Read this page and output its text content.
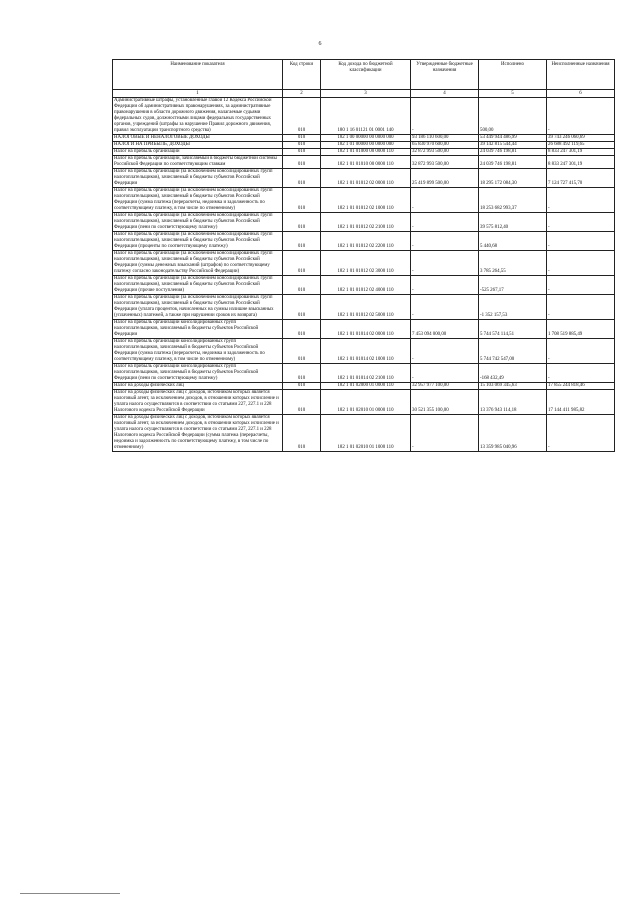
6
Наименование показателя	Код строки	Код дохода по бюджетной классификации	Утвержденные бюджетные назначения	Исполнено	Неисполненные назначения
1	2	3	4	5	6
Административные штрафы, установленные главой 12 Кодекса Российской Федерации об административных правонарушениях, за административные правонарушения в области дорожного движения, налагаемые судьями федеральных судов, должностными лицами федеральных государственных органов, учреждений (штрафы за нарушение Правил дорожного движения, правил эксплуатации транспортного средства)	010	180 1 16 01121 01 0001 140	-	500,00	-
НАЛОГОВЫЕ И НЕНАЛОГОВЫЕ ДОХОДЫ	010	182 1 00 00000 00 0000 000	93 186 110 600,00	53 449 944 486,99	39 743 246 060,69
НАЛОГИ НА ПРИБЫЛЬ, ДОХОДЫ	010	182 1 01 00000 00 0000 000	65 830 970 600,00	39 142 815 544,44	26 688 492 119,65
Налог на прибыль организаций	010	182 1 01 01000 00 0000 110	32 872 993 500,00	24 039 746 198,81	8 833 247 301,19
Налог на прибыль организаций, зачисляемый в бюджеты бюджетной системы Российской Федерации по соответствующим ставкам	010	182 1 01 01010 00 0000 110	32 872 993 500,00	24 039 746 198,81	8 833 247 301,19
Налог на прибыль организаций (за исключением консолидированных групп налогоплательщиков), зачисляемый в бюджеты субъектов Российской Федерации	010	182 1 01 01012 02 0000 110	25 419 899 500,00	18 295 172 084,30	7 124 727 415,70
Налог на прибыль организаций (за исключением консолидированных групп налогоплательщиков), зачисляемый в бюджеты субъектов Российской Федерации (сумма платежа (перерасчеты, недоимка и задолженность по соответствующему платежу, в том числе по отмененному)	010	182 1 01 01012 02 1000 110	-	18 253 682 993,37	-
Налог на прибыль организаций (за исключением консолидированных групп налогоплательщиков), зачисляемый в бюджеты субъектов Российской Федерации (пени по соответствующему платежу)	010	182 1 01 01012 02 2100 110	-	39 575 812,40	-
Налог на прибыль организаций (за исключением консолидированных групп налогоплательщиков), зачисляемый в бюджеты субъектов Российской Федерации (проценты по соответствующему платежу)	010	182 1 01 01012 02 2200 110	-	5 440,68	-
Налог на прибыль организаций (за исключением консолидированных групп налогоплательщиков), зачисляемый в бюджеты субъектов Российской Федерации (суммы денежных взысканий (штрафов) по соответствующему платежу согласно законодательству Российской Федерации)	010	182 1 01 01012 02 3000 110	-	3 785 264,55	-
Налог на прибыль организаций (за исключением консолидированных групп налогоплательщиков), зачисляемый в бюджеты субъектов Российской Федерации (прочие поступления)	010	182 1 01 01012 02 4000 110	-	-525 267,17	-
Налог на прибыль организаций (за исключением консолидированных групп налогоплательщиков), зачисляемый в бюджеты субъектов Российской Федерации (уплата процентов, начисленных на суммы излишне взысканных (уплаченных) платежей, а также при нарушении сроков их возврата)	010	182 1 01 01012 02 5000 110	-	-1 352 157,53	-
Налог на прибыль организаций консолидированных групп налогоплательщиков, зачисляемый в бюджеты субъектов Российской Федерации	010	182 1 01 01014 02 0000 110	7 453 094 000,00	5 744 574 114,51	1 708 519 885,49
Налог на прибыль организаций консолидированных групп налогоплательщиков, зачисляемый в бюджеты субъектов Российской Федерации (сумма платежа (перерасчеты, недоимка и задолженность по соответствующему платежу, в том числе по отмененному)	010	182 1 01 01014 02 1000 110	-	5 744 742 547,00	-
Налог на прибыль организаций консолидированных групп налогоплательщиков, зачисляемый в бюджеты субъектов Российской Федерации (пени по соответствующему платежу)	010	182 1 01 01014 02 2100 110	-	-168 432,49	-
Налог на доходы физических лиц	010	182 1 01 02000 01 0000 110	32 957 977 100,00	15 103 069 345,63	17 855 244 818,46
Налог на доходы физических лиц с доходов, источником которых является налоговый агент, за исключением доходов, в отношении которых исчисление и уплата налога осуществляются в соответствии со статьями 227, 227.1 и 228 Налогового кодекса Российской Федерации	010	182 1 01 02010 01 0000 110	30 521 355 100,00	13 376 943 114,18	17 144 411 985,82
Налог на доходы физических лиц с доходов, источником которых является налоговый агент, за исключением доходов, в отношении которых исчисление и уплата налога осуществляются в соответствии со статьями 227, 227.1 и 228 Налогового кодекса Российской Федерации (сумма платежа (перерасчеты, недоимка и задолженность по соответствующему платежу, в том числе по отмененному)	010	182 1 01 02010 01 1000 110	-	13 359 985 040,96	-
